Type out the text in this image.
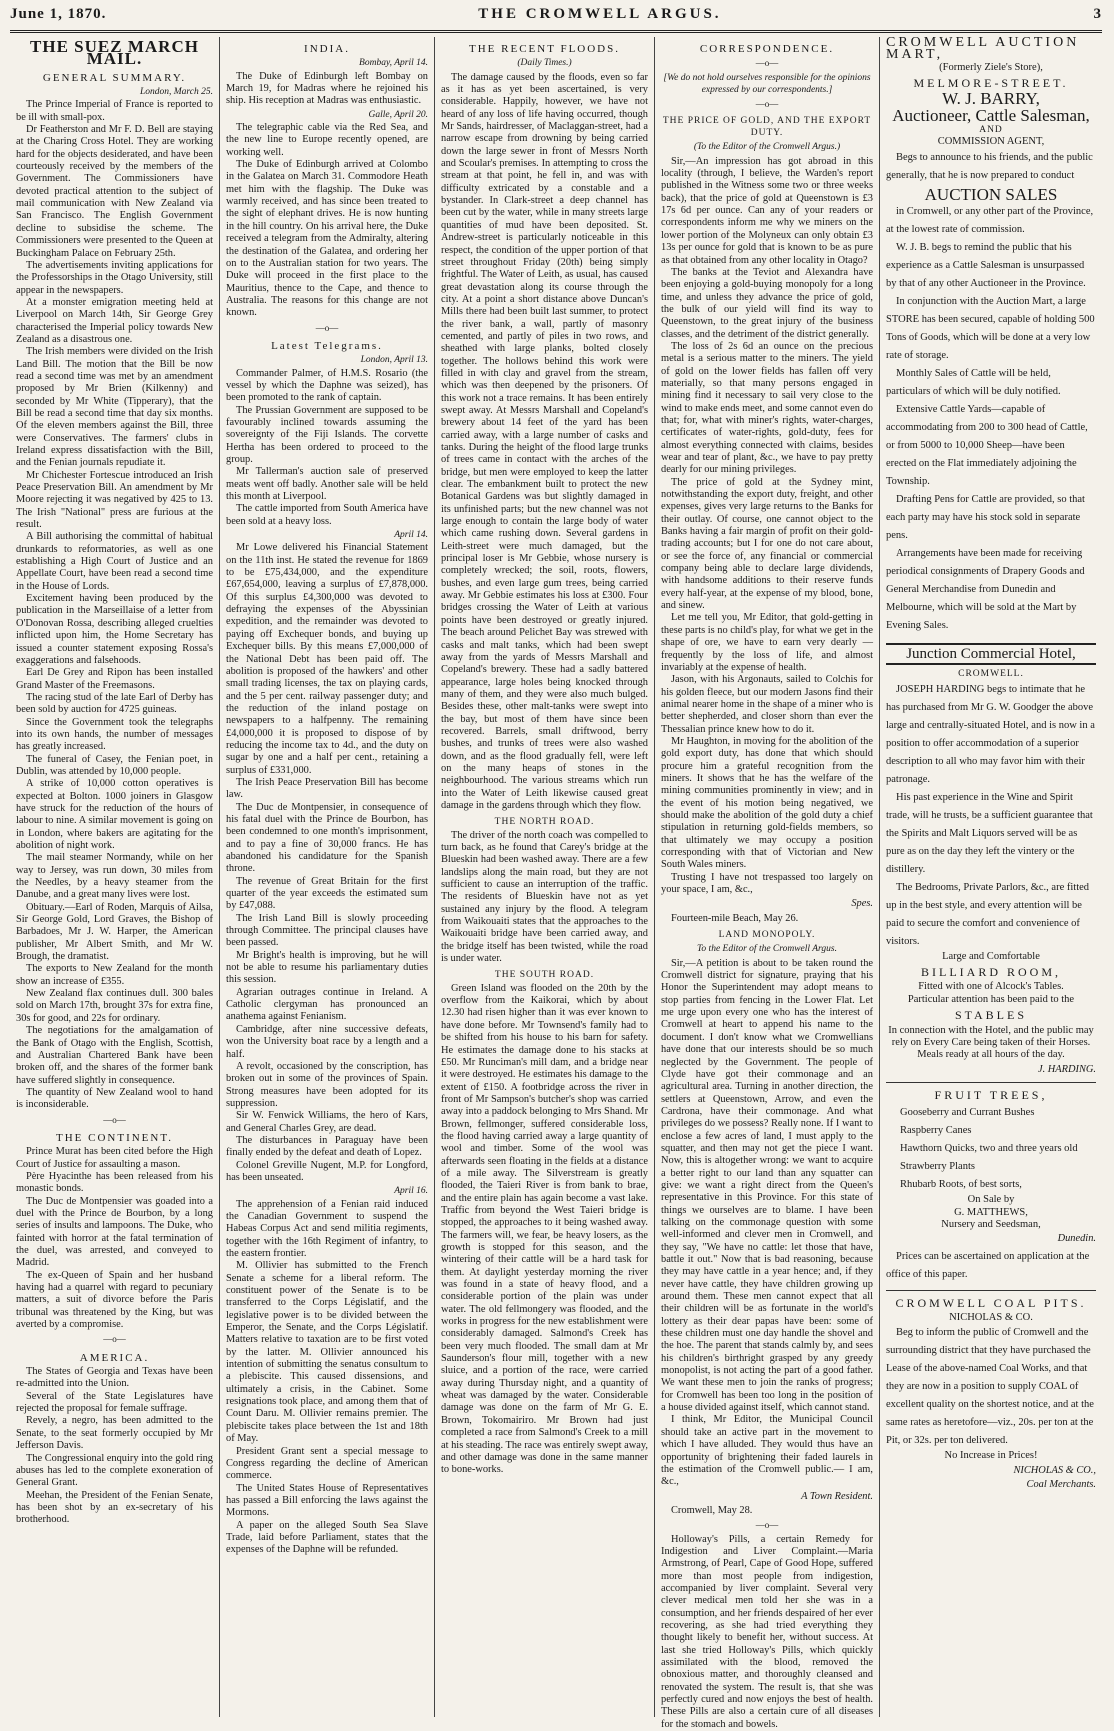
June 1, 1870.	THE CROMWELL ARGUS.	3
THE SUEZ MARCH MAIL.
GENERAL SUMMARY.
London, March 25.

The Prince Imperial of France is reported to be ill with small-pox.

Dr Featherston and Mr F. D. Bell are staying at the Charing Cross Hotel. They are working hard for the objects desiderated, and have been courteously received by the members of the Government. The Commissioners have devoted practical attention to the subject of mail communication with New Zealand via San Francisco. The English Government decline to subsidise the scheme. The Commissioners were presented to the Queen at Buckingham Palace on February 25th.

The advertisements inviting applications for the Professorships in the Otago University, still appear in the newspapers.

At a monster emigration meeting held at Liverpool on March 14th, Sir George Grey characterised the Imperial policy towards New Zealand as a disastrous one.

The Irish members were divided on the Irish Land Bill. The motion that the Bill be now read a second time was met by an amendment proposed by Mr Brien (Kilkenny) and seconded by Mr White (Tipperary), that the Bill be read a second time that day six months. Of the eleven members against the Bill, three were Conservatives. The farmers' clubs in Ireland express dissatisfaction with the Bill, and the Fenian journals repudiate it.

Mr Chichester Fortescue introduced an Irish Peace Preservation Bill. An amendment by Mr Moore rejecting it was negatived by 425 to 13. The Irish "National" press are furious at the result.

A Bill authorising the committal of habitual drunkards to reformatories, as well as one establishing a High Court of Justice and an Appellate Court, have been read a second time in the House of Lords.

Excitement having been produced by the publication in the Marseillaise of a letter from O'Donovan Rossa, describing alleged cruelties inflicted upon him, the Home Secretary has issued a counter statement exposing Rossa's exaggerations and falsehoods.

Earl De Grey and Ripon has been installed Grand Master of the Freemasons.

The racing stud of the late Earl of Derby has been sold by auction for 4725 guineas.

Since the Government took the telegraphs into its own hands, the number of messages has greatly increased.

The funeral of Casey, the Fenian poet, in Dublin, was attended by 10,000 people.

A strike of 10,000 cotton operatives is expected at Bolton. 1000 joiners in Glasgow have struck for the reduction of the hours of labour to nine. A similar movement is going on in London, where bakers are agitating for the abolition of night work.

The mail steamer Normandy, while on her way to Jersey, was run down, 30 miles from the Needles, by a heavy steamer from the Danube, and a great many lives were lost.

Obituary.—Earl of Roden, Marquis of Ailsa, Sir George Gold, Lord Graves, the Bishop of Barbadoes, Mr J. W. Harper, the American publisher, Mr Albert Smith, and Mr W. Brough, the dramatist.

The exports to New Zealand for the month show an increase of £355.

New Zealand flax continues dull. 300 bales sold on March 17th, brought 37s for extra fine, 30s for good, and 22s for ordinary.

The negotiations for the amalgamation of the Bank of Otago with the English, Scottish, and Australian Chartered Bank have been broken off, and the shares of the former bank have suffered slightly in consequence.

The quantity of New Zealand wool to hand is inconsiderable.

—o—
THE CONTINENT.

Prince Murat has been cited before the High Court of Justice for assaulting a mason.

Père Hyacinthe has been released from his monastic bonds.

The Duc de Montpensier was goaded into a duel with the Prince de Bourbon, by a long series of insults and lampoons. The Duke, who fainted with horror at the fatal termination of the duel, was arrested, and conveyed to Madrid.

The ex-Queen of Spain and her husband having had a quarrel with regard to pecuniary matters, a suit of divorce before the Paris tribunal was threatened by the King, but was averted by a compromise.

—o—
AMERICA.

The States of Georgia and Texas have been re-admitted into the Union.

Several of the State Legislatures have rejected the proposal for female suffrage.

Revely, a negro, has been admitted to the Senate, to the seat formerly occupied by Mr Jefferson Davis.

The Congressional enquiry into the gold ring abuses has led to the complete exoneration of General Grant.

Meehan, the President of the Fenian Senate, has been shot by an ex-secretary of his brotherhood.

INDIA.
Bombay, April 14.

The Duke of Edinburgh left Bombay on March 19, for Madras where he rejoined his ship. His reception at Madras was enthusiastic.

Galle, April 20.

The telegraphic cable via the Red Sea, and the new line to Europe recently opened, are working well.

The Duke of Edinburgh arrived at Colombo in the Galatea on March 31. Commodore Heath met him with the flagship. The Duke was warmly received, and has since been treated to the sight of elephant drives. He is now hunting in the hill country. On his arrival here, the Duke received a telegram from the Admiralty, altering the destination of the Galatea, and ordering her on to the Australian station for two years. The Duke will proceed in the first place to the Mauritius, thence to the Cape, and thence to Australia. The reasons for this change are not known.

—o—
Latest Telegrams.
London, April 13.

Commander Palmer, of H.M.S. Rosario (the vessel by which the Daphne was seized), has been promoted to the rank of captain.

The Prussian Government are supposed to be favourably inclined towards assuming the sovereignty of the Fiji Islands. The corvette Hertha has been ordered to proceed to the group.

Mr Tallerman's auction sale of preserved meats went off badly. Another sale will be held this month at Liverpool.

The cattle imported from South America have been sold at a heavy loss.

April 14.

Mr Lowe delivered his Financial Statement on the 11th inst. He stated the revenue for 1869 to be £75,434,000, and the expenditure £67,654,000, leaving a surplus of £7,878,000. Of this surplus £4,300,000 was devoted to defraying the expenses of the Abyssinian expedition, and the remainder was devoted to paying off Exchequer bonds, and buying up Exchequer bills. By this means £7,000,000 of the National Debt has been paid off. The abolition is proposed of the hawkers' and other small trading licenses, the tax on playing cards, and the 5 per cent. railway passenger duty; and the reduction of the inland postage on newspapers to a halfpenny. The remaining £4,000,000 it is proposed to dispose of by reducing the income tax to 4d., and the duty on sugar by one and a half per cent., retaining a surplus of £331,000.

The Irish Peace Preservation Bill has become law.

The Duc de Montpensier, in consequence of his fatal duel with the Prince de Bourbon, has been condemned to one month's imprisonment, and to pay a fine of 30,000 francs. He has abandoned his candidature for the Spanish throne.

The revenue of Great Britain for the first quarter of the year exceeds the estimated sum by £47,088.

The Irish Land Bill is slowly proceeding through Committee. The principal clauses have been passed.

Mr Bright's health is improving, but he will not be able to resume his parliamentary duties this session.

Agrarian outrages continue in Ireland. A Catholic clergyman has pronounced an anathema against Fenianism.

Cambridge, after nine successive defeats, won the University boat race by a length and a half.

A revolt, occasioned by the conscription, has broken out in some of the provinces of Spain. Strong measures have been adopted for its suppression.

Sir W. Fenwick Williams, the hero of Kars, and General Charles Grey, are dead.

The disturbances in Paraguay have been finally ended by the defeat and death of Lopez.

Colonel Greville Nugent, M.P. for Longford, has been unseated.

April 16.

The apprehension of a Fenian raid induced the Canadian Government to suspend the Habeas Corpus Act and send militia regiments, together with the 16th Regiment of infantry, to the eastern frontier.

M. Ollivier has submitted to the French Senate a scheme for a liberal reform. The constituent power of the Senate is to be transferred to the Corps Législatif, and the legislative power is to be divided between the Emperor, the Senate, and the Corps Législatif. Matters relative to taxation are to be first voted by the latter. M. Ollivier announced his intention of submitting the senatus consultum to a plebiscite. This caused dissensions, and ultimately a crisis, in the Cabinet. Some resignations took place, and among them that of Count Daru. M. Ollivier remains premier. The plebiscite takes place between the 1st and 18th of May.

President Grant sent a special message to Congress regarding the decline of American commerce.

The United States House of Representatives has passed a Bill enforcing the laws against the Mormons.

A paper on the alleged South Sea Slave Trade, laid before Parliament, states that the expenses of the Daphne will be refunded.

THE RECENT FLOODS.
(Daily Times.)

The damage caused by the floods, even so far as it has as yet been ascertained, is very considerable. Happily, however, we have not heard of any loss of life having occurred, though Mr Sands, hairdresser, of Maclaggan-street, had a narrow escape from drowning by being carried down the large sewer in front of Messrs North and Scoular's premises. In attempting to cross the stream at that point, he fell in, and was with difficulty extricated by a constable and a bystander. In Clark-street a deep channel has been cut by the water, while in many streets large quantities of mud have been deposited. St. Andrew-street is particularly noticeable in this respect, the condition of the upper portion of that street throughout Friday (20th) being simply frightful. The Water of Leith, as usual, has caused great devastation along its course through the city. At a point a short distance above Duncan's Mills there had been built last summer, to protect the river bank, a wall, partly of masonry cemented, and partly of piles in two rows, and sheathed with large planks, bolted closely together. The hollows behind this work were filled in with clay and gravel from the stream, which was then deepened by the prisoners. Of this work not a trace remains. It has been entirely swept away. At Messrs Marshall and Copeland's brewery about 14 feet of the yard has been carried away, with a large number of casks and tanks. During the height of the flood large trunks of trees came in contact with the arches of the bridge, but men were employed to keep the latter clear. The embankment built to protect the new Botanical Gardens was but slightly damaged in its unfinished parts; but the new channel was not large enough to contain the large body of water which came rushing down. Several gardens in Leith-street were much damaged, but the principal loser is Mr Gebbie, whose nursery is completely wrecked; the soil, roots, flowers, bushes, and even large gum trees, being carried away. Mr Gebbie estimates his loss at £300. Four bridges crossing the Water of Leith at various points have been destroyed or greatly injured. The beach around Pelichet Bay was strewed with casks and malt tanks, which had been swept away from the yards of Messrs Marshall and Copeland's brewery. These had a sadly battered appearance, large holes being knocked through many of them, and they were also much bulged. Besides these, other malt-tanks were swept into the bay, but most of them have since been recovered. Barrels, small driftwood, berry bushes, and trunks of trees were also washed down, and as the flood gradually fell, were left on the many heaps of stones in the neighbourhood. The various streams which run into the Water of Leith likewise caused great damage in the gardens through which they flow.

THE NORTH ROAD.

The driver of the north coach was compelled to turn back, as he found that Carey's bridge at the Blueskin had been washed away. There are a few landslips along the main road, but they are not sufficient to cause an interruption of the traffic. The residents of Blueskin have not as yet sustained any injury by the flood. A telegram from Waikouaiti states that the approaches to the Waikouaiti bridge have been carried away, and the bridge itself has been twisted, while the road is under water.

THE SOUTH ROAD.

Green Island was flooded on the 20th by the overflow from the Kaikorai, which by about 12.30 had risen higher than it was ever known to have done before. Mr Townsend's family had to be shifted from his house to his barn for safety. He estimates the damage done to his stacks at £50. Mr Runciman's mill dam, and a bridge near it were destroyed. He estimates his damage to the extent of £150. A footbridge across the river in front of Mr Sampson's butcher's shop was carried away into a paddock belonging to Mrs Shand. Mr Brown, fellmonger, suffered considerable loss, the flood having carried away a large quantity of wool and timber. Some of the wool was afterwards seen floating in the fields at a distance of a mile away. The Silverstream is greatly flooded, the Taieri River is from bank to brae, and the entire plain has again become a vast lake. Traffic from beyond the West Taieri bridge is stopped, the approaches to it being washed away. The farmers will, we fear, be heavy losers, as the growth is stopped for this season, and the wintering of their cattle will be a hard task for them. At daylight yesterday morning the river was found in a state of heavy flood, and a considerable portion of the plain was under water. The old fellmongery was flooded, and the works in progress for the new establishment were considerably damaged. Salmond's Creek has been very much flooded. The small dam at Mr Saunderson's flour mill, together with a new sluice, and a portion of the race, were carried away during Thursday night, and a quantity of wheat was damaged by the water. Considerable damage was done on the farm of Mr G. E. Brown, Tokomairiro. Mr Brown had just completed a race from Salmond's Creek to a mill at his steading. The race was entirely swept away, and other damage was done in the same manner to bone-works.

CORRESPONDENCE.
—o—
[We do not hold ourselves responsible for the opinions expressed by our correspondents.]
—o—
THE PRICE OF GOLD, AND THE EXPORT DUTY.
(To the Editor of the Cromwell Argus.)

Sir,—An impression has got abroad in this locality (through, I believe, the Warden's report published in the Witness some two or three weeks back), that the price of gold at Queenstown is £3 17s 6d per ounce. Can any of your readers or correspondents inform me why we miners on the lower portion of the Molyneux can only obtain £3 13s per ounce for gold that is known to be as pure as that obtained from any other locality in Otago?

The banks at the Teviot and Alexandra have been enjoying a gold-buying monopoly for a long time, and unless they advance the price of gold, the bulk of our yield will find its way to Queenstown, to the great injury of the business classes, and the detriment of the district generally.

The loss of 2s 6d an ounce on the precious metal is a serious matter to the miners. The yield of gold on the lower fields has fallen off very materially, so that many persons engaged in mining find it necessary to sail very close to the wind to make ends meet, and some cannot even do that; for, what with miner's rights, water-charges, certificates of water-rights, gold-duty, fees for almost everything connected with claims, besides wear and tear of plant, &c., we have to pay pretty dearly for our mining privileges.

The price of gold at the Sydney mint, notwithstanding the export duty, freight, and other expenses, gives very large returns to the Banks for their outlay. Of course, one cannot object to the Banks having a fair margin of profit on their gold-trading accounts; but I for one do not care about, or see the force of, any financial or commercial company being able to declare large dividends, with handsome additions to their reserve funds every half-year, at the expense of my blood, bone, and sinew.

Let me tell you, Mr Editor, that gold-getting in these parts is no child's play, for what we get in the shape of ore, we have to earn very dearly — frequently by the loss of life, and almost invariably at the expense of health.

Jason, with his Argonauts, sailed to Colchis for his golden fleece, but our modern Jasons find their animal nearer home in the shape of a miner who is better shepherded, and closer shorn than ever the Thessalian prince knew how to do it.

Mr Haughton, in moving for the abolition of the gold export duty, has done that which should procure him a grateful recognition from the miners. It shows that he has the welfare of the mining communities prominently in view; and in the event of his motion being negatived, we should make the abolition of the gold duty a chief stipulation in returning gold-fields members, so that ultimately we may occupy a position corresponding with that of Victorian and New South Wales miners.

Trusting I have not trespassed too largely on your space, I am, &c.,

Spes.

Fourteen-mile Beach, May 26.

LAND MONOPOLY.
To the Editor of the Cromwell Argus.

Sir,—A petition is about to be taken round the Cromwell district for signature, praying that his Honor the Superintendent may adopt means to stop parties from fencing in the Lower Flat. Let me urge upon every one who has the interest of Cromwell at heart to append his name to the document. I don't know what we Cromwellians have done that our interests should be so much neglected by the Government. The people of Clyde have got their commonage and an agricultural area. Turning in another direction, the settlers at Queenstown, Arrow, and even the Cardrona, have their commonage. And what privileges do we possess? Really none. If I want to enclose a few acres of land, I must apply to the squatter, and then may not get the piece I want. Now, this is altogether wrong: we want to acquire a better right to our land than any squatter can give: we want a right direct from the Queen's representative in this Province. For this state of things we ourselves are to blame. I have been talking on the commonage question with some well-informed and clever men in Cromwell, and they say, "We have no cattle: let those that have, battle it out." Now that is bad reasoning, because they may have cattle in a year hence; and, if they never have cattle, they have children growing up around them. These men cannot expect that all their children will be as fortunate in the world's lottery as their dear papas have been: some of these children must one day handle the shovel and the hoe. The parent that stands calmly by, and sees his children's birthright grasped by any greedy monopolist, is not acting the part of a good father. We want these men to join the ranks of progress; for Cromwell has been too long in the position of a house divided against itself, which cannot stand.

I think, Mr Editor, the Municipal Council should take an active part in the movement to which I have alluded. They would thus have an opportunity of brightening their faded laurels in the estimation of the Cromwell public.— I am, &c.,

A Town Resident.

Cromwell, May 28.

—o—

Holloway's Pills, a certain Remedy for Indigestion and Liver Complaint.—Maria Armstrong, of Pearl, Cape of Good Hope, suffered more than most people from indigestion, accompanied by liver complaint. Several very clever medical men told her she was in a consumption, and her friends despaired of her ever recovering, as she had tried everything they thought likely to benefit her, without success. At last she tried Holloway's Pills, which quickly assimilated with the blood, removed the obnoxious matter, and thoroughly cleansed and renovated the system. The result is, that she was perfectly cured and now enjoys the best of health. These Pills are also a certain cure of all diseases for the stomach and bowels.

CROMWELL AUCTION MART,
(Formerly Ziele's Store),
MELMORE-STREET.
W. J. BARRY,
Auctioneer, Cattle Salesman,
AND
COMMISSION AGENT,

Begs to announce to his friends, and the public generally, that he is now prepared to conduct

AUCTION SALES

in Cromwell, or any other part of the Province, at the lowest rate of commission.

W. J. B. begs to remind the public that his experience as a Cattle Salesman is unsurpassed by that of any other Auctioneer in the Province.

In conjunction with the Auction Mart, a large STORE has been secured, capable of holding 500 Tons of Goods, which will be done at a very low rate of storage.

Monthly Sales of Cattle will be held, particulars of which will be duly notified.

Extensive Cattle Yards—capable of accommodating from 200 to 300 head of Cattle, or from 5000 to 10,000 Sheep—have been erected on the Flat immediately adjoining the Township.

Drafting Pens for Cattle are provided, so that each party may have his stock sold in separate pens.

Arrangements have been made for receiving periodical consignments of Drapery Goods and General Merchandise from Dunedin and Melbourne, which will be sold at the Mart by Evening Sales.

Junction Commercial Hotel,
CROMWELL.

JOSEPH HARDING begs to intimate that he has purchased from Mr G. W. Goodger the above large and centrally-situated Hotel, and is now in a position to offer accommodation of a superior description to all who may favor him with their patronage.

His past experience in the Wine and Spirit trade, will he trusts, be a sufficient guarantee that the Spirits and Malt Liquors served will be as pure as on the day they left the vintery or the distillery.

The Bedrooms, Private Parlors, &c., are fitted up in the best style, and every attention will be paid to secure the comfort and convenience of visitors.

Large and Comfortable
BILLIARD ROOM,
Fitted with one of Alcock's Tables.
Particular attention has been paid to the
STABLES
In connection with the Hotel, and the public may rely on Every Care being taken of their Horses.
Meals ready at all hours of the day.
J. HARDING.
FRUIT TREES,
Gooseberry and Currant Bushes
Raspberry Canes
Hawthorn Quicks, two and three years old
Strawberry Plants
Rhubarb Roots, of best sorts,
On Sale by
G. MATTHEWS,
Nursery and Seedsman,
Dunedin.

Prices can be ascertained on application at the office of this paper.

CROMWELL COAL PITS.
NICHOLAS & CO.

Beg to inform the public of Cromwell and the surrounding district that they have purchased the Lease of the above-named Coal Works, and that they are now in a position to supply COAL of excellent quality on the shortest notice, and at the same rates as heretofore—viz., 20s. per ton at the Pit, or 32s. per ton delivered.

No Increase in Prices!
NICHOLAS & CO.,
Coal Merchants.
